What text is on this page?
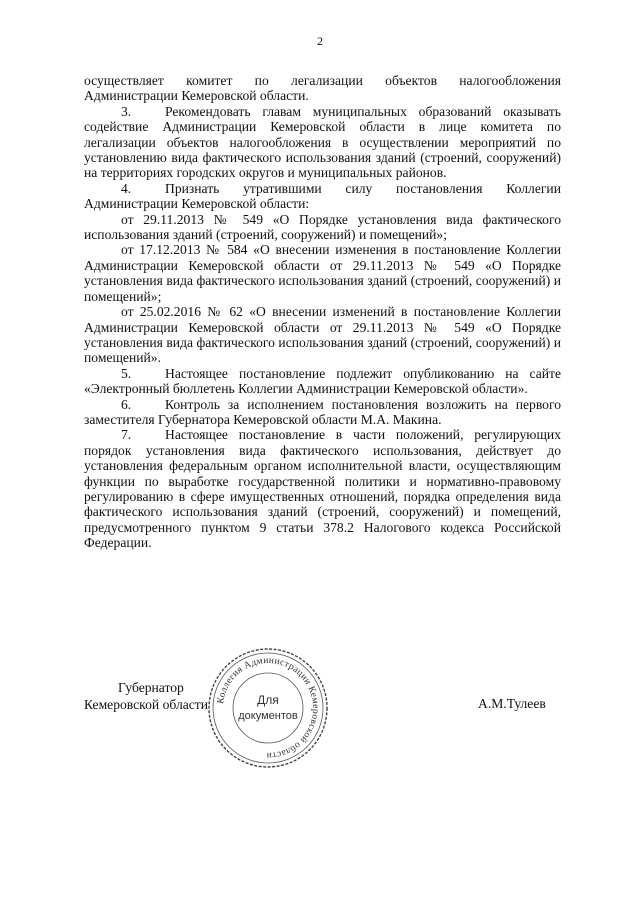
2

осуществляет комитет по легализации объектов налогообложения Администрации Кемеровской области.

3. Рекомендовать главам муниципальных образований оказывать содействие Администрации Кемеровской области в лице комитета по легализации объектов налогообложения в осуществлении мероприятий по установлению вида фактического использования зданий (строений, сооружений) на территориях городских округов и муниципальных районов.

4. Признать утратившими силу постановления Коллегии Администрации Кемеровской области:

от 29.11.2013 № 549 «О Порядке установления вида фактического использования зданий (строений, сооружений) и помещений»;

от 17.12.2013 № 584 «О внесении изменения в постановление Коллегии Администрации Кемеровской области от 29.11.2013 № 549 «О Порядке установления вида фактического использования зданий (строений, сооружений) и помещений»;

от 25.02.2016 № 62 «О внесении изменений в постановление Коллегии Администрации Кемеровской области от 29.11.2013 № 549 «О Порядке установления вида фактического использования зданий (строений, сооружений) и помещений».

5. Настоящее постановление подлежит опубликованию на сайте «Электронный бюллетень Коллегии Администрации Кемеровской области».

6. Контроль за исполнением постановления возложить на первого заместителя Губернатора Кемеровской области М.А. Макина.

7. Настоящее постановление в части положений, регулирующих порядок установления вида фактического использования, действует до установления федеральным органом исполнительной власти, осуществляющим функции по выработке государственной политики и нормативно-правовому регулированию в сфере имущественных отношений, порядка определения вида фактического использования зданий (строений, сооружений) и помещений, предусмотренного пунктом 9 статьи 378.2 Налогового кодекса Российской Федерации.

Губернатор
Кемеровской области	А.М.Тулеев
Коллегия Администрации Кемеровской области
Для
документов
